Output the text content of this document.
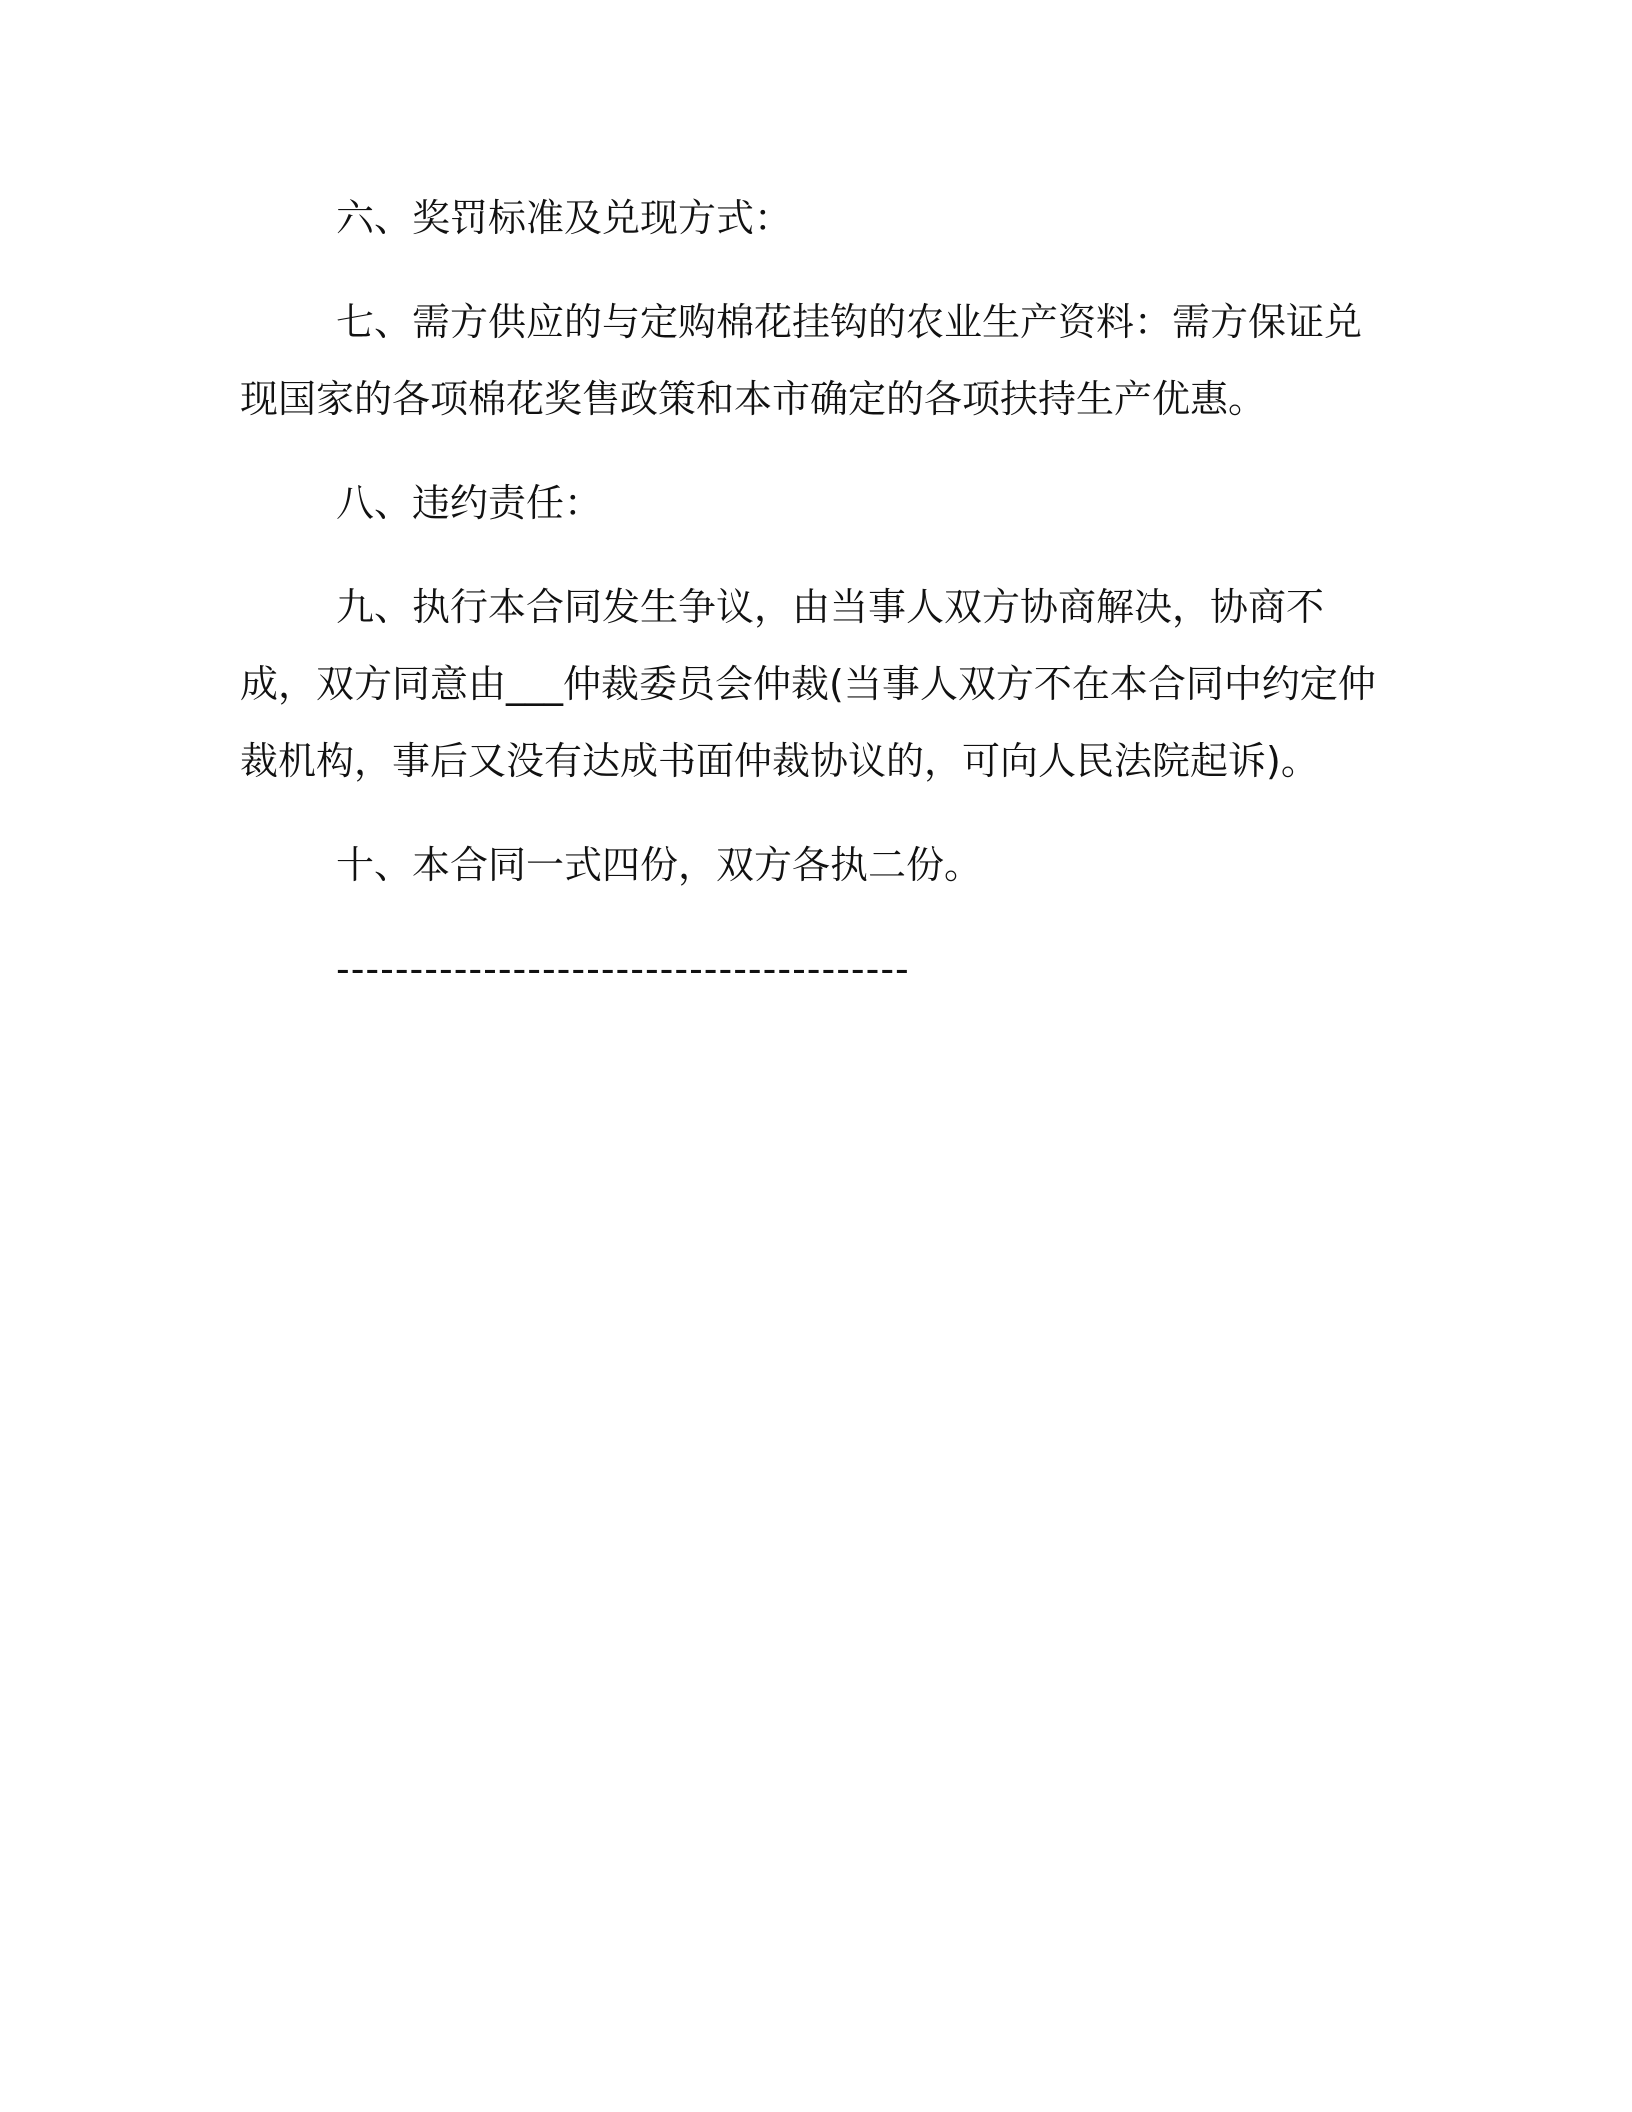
六、奖罚标准及兑现方式：

七、需方供应的与定购棉花挂钩的农业生产资料：需方保证兑现国家的各项棉花奖售政策和本市确定的各项扶持生产优惠。

八、违约责任：

九、执行本合同发生争议，由当事人双方协商解决，协商不成，双方同意由___仲裁委员会仲裁(当事人双方不在本合同中约定仲裁机构，事后又没有达成书面仲裁协议的，可向人民法院起诉)。

十、本合同一式四份，双方各执二份。

---------------------------------------
